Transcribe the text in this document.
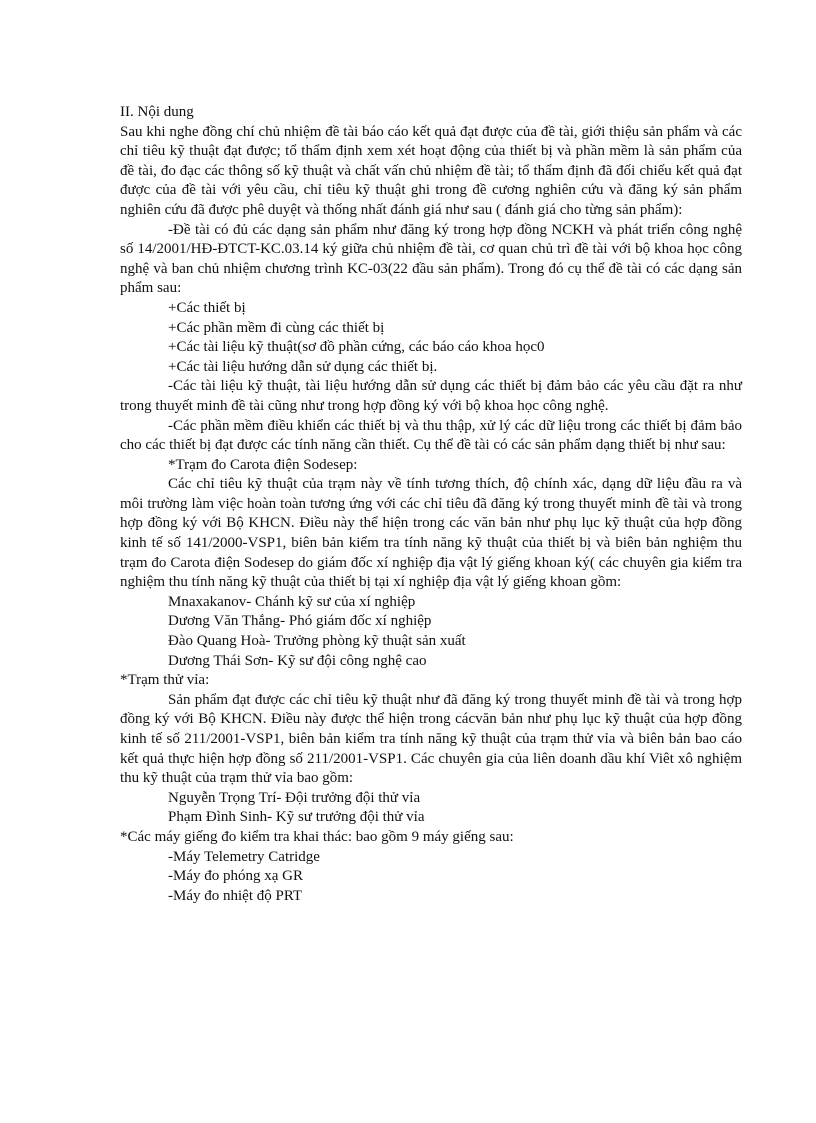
II. Nội dung

Sau khi nghe đồng chí chủ nhiệm đề tài báo cáo kết quả đạt được của đề tài, giới thiệu sản phẩm và các chỉ tiêu kỹ thuật đạt được; tổ thẩm định xem xét hoạt động của thiết bị và phần mềm là sản phẩm của đề tài, đo đạc các thông số kỹ thuật và chất vấn chủ nhiệm đề tài; tổ thẩm định đã đối chiếu kết quả đạt được của đề tài với yêu cầu, chỉ tiêu kỹ thuật ghi trong đề cương nghiên cứu và đăng ký sản phẩm nghiên cứu đã được phê duyệt và thống nhất đánh giá như sau ( đánh giá cho từng sản phẩm):

-Đề tài có đủ các dạng sản phẩm như đăng ký trong hợp đồng NCKH và phát triển công nghệ số 14/2001/HĐ-ĐTCT-KC.03.14 ký giữa chủ nhiệm đề tài, cơ quan chủ trì đề tài với bộ khoa học công nghệ và ban chủ nhiệm chương trình KC-03(22 đầu sản phẩm). Trong đó cụ thể đề tài có các dạng sản phẩm sau:

+Các thiết bị

+Các phần mềm đi cùng các thiết bị

+Các tài liệu kỹ thuật(sơ đồ phần cứng, các báo cáo khoa học0

+Các tài liệu hướng dẫn sử dụng các thiết bị.

-Các tài liệu kỹ thuật, tài liệu hướng dẫn sử dụng các thiết bị đảm bảo các yêu cầu đặt ra như trong thuyết minh đề tài cũng như trong hợp đồng ký với bộ khoa học công nghệ.

-Các phần mềm điều khiển các thiết bị và thu thập, xử lý các dữ liệu trong các thiết bị đảm bảo cho các thiết bị đạt được các tính năng cần thiết. Cụ thể đề tài có các sản phẩm dạng thiết bị như sau:

*Trạm đo Carota điện Sodesep:

Các chỉ tiêu kỹ thuật của trạm này về tính tương thích, độ chính xác, dạng dữ liệu đầu ra và môi trường làm việc hoàn toàn tương ứng với các chỉ tiêu đã đăng ký trong thuyết minh đề tài và trong hợp đồng ký với Bộ KHCN. Điều này thể hiện trong các văn bản như phụ lục kỹ thuật của hợp đồng kinh tế số 141/2000-VSP1, biên bản kiểm tra tính năng kỹ thuật của thiết bị và biên bản nghiệm thu trạm đo Carota điện Sodesep do giám đốc xí nghiệp địa vật lý giếng khoan ký( các chuyên gia kiểm tra nghiệm thu tính năng kỹ thuật của thiết bị tại xí nghiệp địa vật lý giếng khoan gồm:

Mnaxakanov- Chánh kỹ sư của xí nghiệp

Dương Văn Thắng- Phó giám đốc xí nghiệp

Đào Quang Hoà- Trưởng phòng kỹ thuật sản xuất

Dương Thái Sơn- Kỹ sư đội công nghệ cao

*Trạm thử vỉa:

Sản phẩm đạt được các chỉ tiêu kỹ thuật như đã đăng ký trong thuyết minh đề tài và trong hợp đồng ký với Bộ KHCN. Điều này được thể hiện trong cácvăn bản như phụ lục kỹ thuật của hợp đồng kinh tế số 211/2001-VSP1, biên bản kiểm tra tính năng kỹ thuật của trạm thử vỉa và biên bản bao cáo kết quả thực hiện hợp đồng số 211/2001-VSP1. Các chuyên gia của liên doanh dầu khí Viêt xô nghiệm thu kỹ thuật của trạm thử vỉa bao gồm:

Nguyễn Trọng Trí- Đội trưởng đội thử vỉa

Phạm Đình Sinh- Kỹ sư trưởng đội thử vỉa

*Các máy giếng đo kiểm tra khai thác: bao gồm 9 máy giếng sau:

-Máy Telemetry Catridge

-Máy đo phóng xạ GR

-Máy đo nhiệt độ PRT
